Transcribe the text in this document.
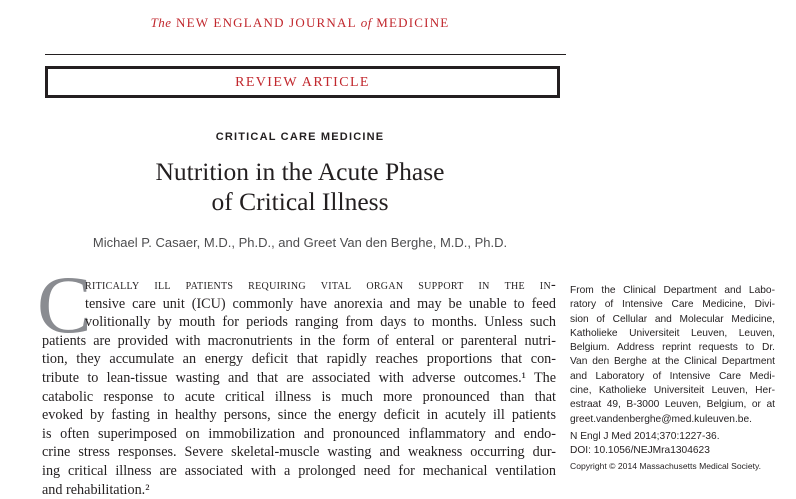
The NEW ENGLAND JOURNAL of MEDICINE
REVIEW ARTICLE
CRITICAL CARE MEDICINE
Nutrition in the Acute Phase
of Critical Illness
Michael P. Casaer, M.D., Ph.D., and Greet Van den Berghe, M.D., Ph.D.
C
ritically ill patients requiring vital organ support in the in-
tensive care unit (ICU) commonly have anorexia and may be unable to feed
volitionally by mouth for periods ranging from days to months. Unless such
patients are provided with macronutrients in the form of enteral or parenteral nutri-
tion, they accumulate an energy deficit that rapidly reaches proportions that con-
tribute to lean-tissue wasting and that are associated with adverse outcomes.¹ The
catabolic response to acute critical illness is much more pronounced than that
evoked by fasting in healthy persons, since the energy deficit in acutely ill patients
is often superimposed on immobilization and pronounced inflammatory and endo-
crine stress responses. Severe skeletal-muscle wasting and weakness occurring dur-
ing critical illness are associated with a prolonged need for mechanical ventilation
and rehabilitation.²
From the Clinical Department and Labo-
ratory of Intensive Care Medicine, Divi-
sion of Cellular and Molecular Medicine,
Katholieke Universiteit Leuven, Leuven,
Belgium. Address reprint requests to Dr.
Van den Berghe at the Clinical Department
and Laboratory of Intensive Care Medi-
cine, Katholieke Universiteit Leuven, Her-
estraat 49, B-3000 Leuven, Belgium, or at
greet.vandenberghe@med.kuleuven.be.
N Engl J Med 2014;370:1227-36.
DOI: 10.1056/NEJMra1304623
Copyright © 2014 Massachusetts Medical Society.
